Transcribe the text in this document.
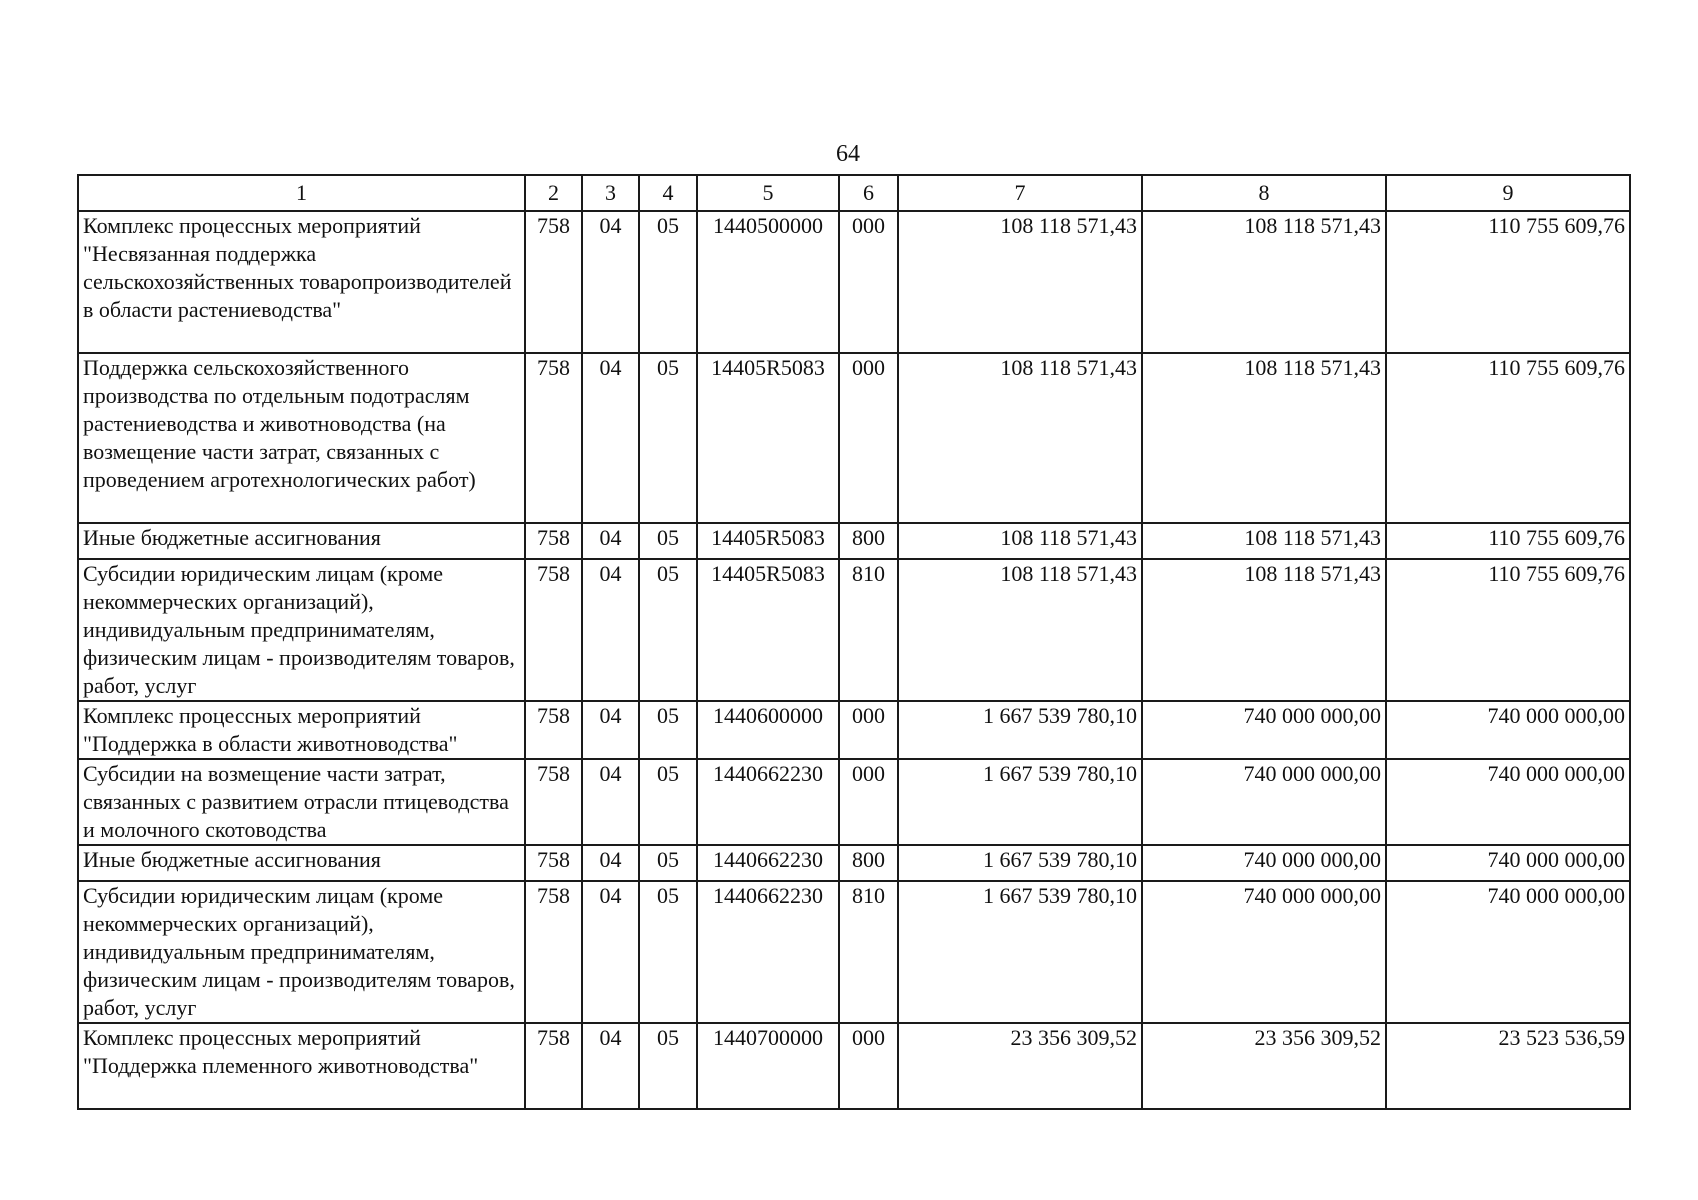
64
1	2	3	4	5	6	7	8	9
Комплекс процессных мероприятий "Несвязанная поддержка сельскохозяйственных товаропроизводителей в области растениеводства"	758	04	05	1440500000	000	108 118 571,43	108 118 571,43	110 755 609,76
Поддержка сельскохозяйственного производства по отдельным подотраслям растениеводства и животноводства (на возмещение части затрат, связанных с проведением агротехнологических работ)	758	04	05	14405R5083	000	108 118 571,43	108 118 571,43	110 755 609,76
Иные бюджетные ассигнования	758	04	05	14405R5083	800	108 118 571,43	108 118 571,43	110 755 609,76
Субсидии юридическим лицам (кроме некоммерческих организаций), индивидуальным предпринимателям, физическим лицам - производителям товаров, работ, услуг	758	04	05	14405R5083	810	108 118 571,43	108 118 571,43	110 755 609,76
Комплекс процессных мероприятий "Поддержка в области животноводства"	758	04	05	1440600000	000	1 667 539 780,10	740 000 000,00	740 000 000,00
Субсидии на возмещение части затрат, связанных с развитием отрасли птицеводства и молочного скотоводства	758	04	05	1440662230	000	1 667 539 780,10	740 000 000,00	740 000 000,00
Иные бюджетные ассигнования	758	04	05	1440662230	800	1 667 539 780,10	740 000 000,00	740 000 000,00
Субсидии юридическим лицам (кроме некоммерческих организаций), индивидуальным предпринимателям, физическим лицам - производителям товаров, работ, услуг	758	04	05	1440662230	810	1 667 539 780,10	740 000 000,00	740 000 000,00
Комплекс процессных мероприятий "Поддержка племенного животноводства"	758	04	05	1440700000	000	23 356 309,52	23 356 309,52	23 523 536,59
